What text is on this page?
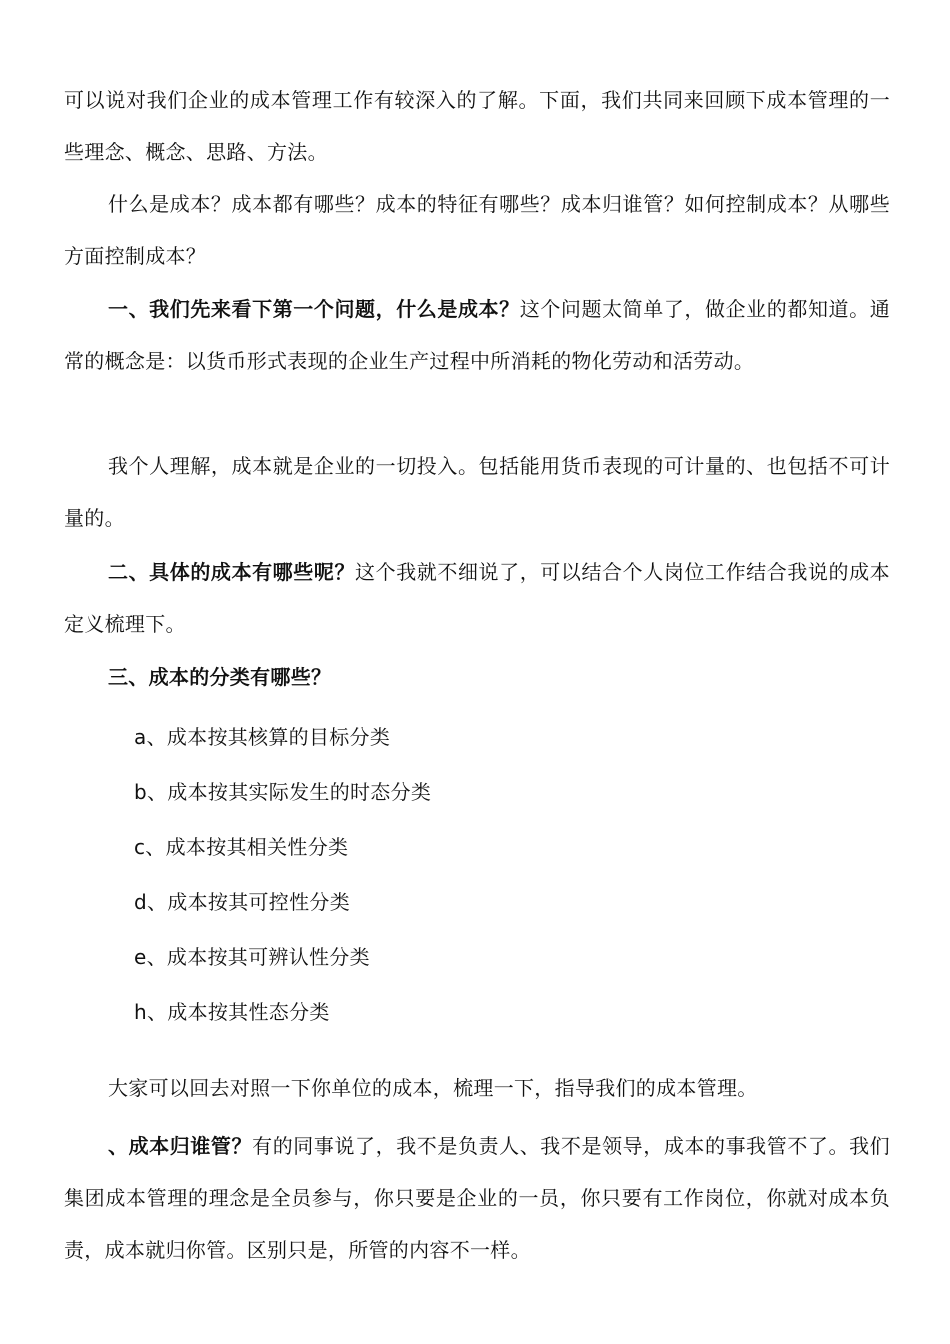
可以说对我们企业的成本管理工作有较深入的了解。下面，我们共同来回顾下成本管理的一些理念、概念、思路、方法。

什么是成本？成本都有哪些？成本的特征有哪些？成本归谁管？如何控制成本？从哪些方面控制成本？

一、我们先来看下第一个问题，什么是成本？这个问题太简单了，做企业的都知道。通常的概念是：以货币形式表现的企业生产过程中所消耗的物化劳动和活劳动。

我个人理解，成本就是企业的一切投入。包括能用货币表现的可计量的、也包括不可计量的。

二、具体的成本有哪些呢？这个我就不细说了，可以结合个人岗位工作结合我说的成本定义梳理下。

三、成本的分类有哪些？

a、成本按其核算的目标分类

b、成本按其实际发生的时态分类

c、成本按其相关性分类

d、成本按其可控性分类

e、成本按其可辨认性分类

h、成本按其性态分类

大家可以回去对照一下你单位的成本，梳理一下，指导我们的成本管理。

、成本归谁管？有的同事说了，我不是负责人、我不是领导，成本的事我管不了。我们集团成本管理的理念是全员参与，你只要是企业的一员，你只要有工作岗位，你就对成本负责，成本就归你管。区别只是，所管的内容不一样。
